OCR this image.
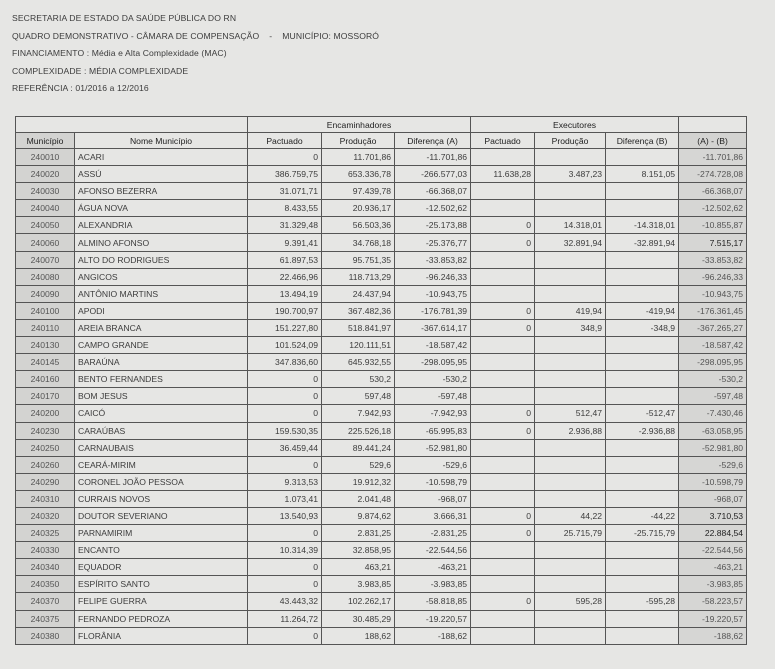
SECRETARIA DE ESTADO DA SAÚDE PÚBLICA DO RN
QUADRO DEMONSTRATIVO - CÂMARA DE COMPENSAÇÃO - MUNICÍPIO: MOSSORÓ
FINANCIAMENTO : Média e Alta Complexidade (MAC)
COMPLEXIDADE : MÉDIA COMPLEXIDADE
REFERÊNCIA : 01/2016 a 12/2016
		Encaminhadores			Executores			
Município	Nome Município	Pactuado	Produção	Diferença (A)	Pactuado	Produção	Diferença (B)	(A) - (B)
240010	ACARI	0	11.701,86	-11.701,86				-11.701,86
240020	ASSÚ	386.759,75	653.336,78	-266.577,03	11.638,28	3.487,23	8.151,05	-274.728,08
240030	AFONSO BEZERRA	31.071,71	97.439,78	-66.368,07				-66.368,07
240040	ÁGUA NOVA	8.433,55	20.936,17	-12.502,62				-12.502,62
240050	ALEXANDRIA	31.329,48	56.503,36	-25.173,88	0	14.318,01	-14.318,01	-10.855,87
240060	ALMINO AFONSO	9.391,41	34.768,18	-25.376,77	0	32.891,94	-32.891,94	7.515,17
240070	ALTO DO RODRIGUES	61.897,53	95.751,35	-33.853,82				-33.853,82
240080	ANGICOS	22.466,96	118.713,29	-96.246,33				-96.246,33
240090	ANTÔNIO MARTINS	13.494,19	24.437,94	-10.943,75				-10.943,75
240100	APODI	190.700,97	367.482,36	-176.781,39	0	419,94	-419,94	-176.361,45
240110	AREIA BRANCA	151.227,80	518.841,97	-367.614,17	0	348,9	-348,9	-367.265,27
240130	CAMPO GRANDE	101.524,09	120.111,51	-18.587,42				-18.587,42
240145	BARAÚNA	347.836,60	645.932,55	-298.095,95				-298.095,95
240160	BENTO FERNANDES	0	530,2	-530,2				-530,2
240170	BOM JESUS	0	597,48	-597,48				-597,48
240200	CAICÓ	0	7.942,93	-7.942,93	0	512,47	-512,47	-7.430,46
240230	CARAÚBAS	159.530,35	225.526,18	-65.995,83	0	2.936,88	-2.936,88	-63.058,95
240250	CARNAUBAIS	36.459,44	89.441,24	-52.981,80				-52.981,80
240260	CEARÁ-MIRIM	0	529,6	-529,6				-529,6
240290	CORONEL JOÃO PESSOA	9.313,53	19.912,32	-10.598,79				-10.598,79
240310	CURRAIS NOVOS	1.073,41	2.041,48	-968,07				-968,07
240320	DOUTOR SEVERIANO	13.540,93	9.874,62	3.666,31	0	44,22	-44,22	3.710,53
240325	PARNAMIRIM	0	2.831,25	-2.831,25	0	25.715,79	-25.715,79	22.884,54
240330	ENCANTO	10.314,39	32.858,95	-22.544,56				-22.544,56
240340	EQUADOR	0	463,21	-463,21				-463,21
240350	ESPÍRITO SANTO	0	3.983,85	-3.983,85				-3.983,85
240370	FELIPE GUERRA	43.443,32	102.262,17	-58.818,85	0	595,28	-595,28	-58.223,57
240375	FERNANDO PEDROZA	11.264,72	30.485,29	-19.220,57				-19.220,57
240380	FLORÂNIA	0	188,62	-188,62				-188,62
